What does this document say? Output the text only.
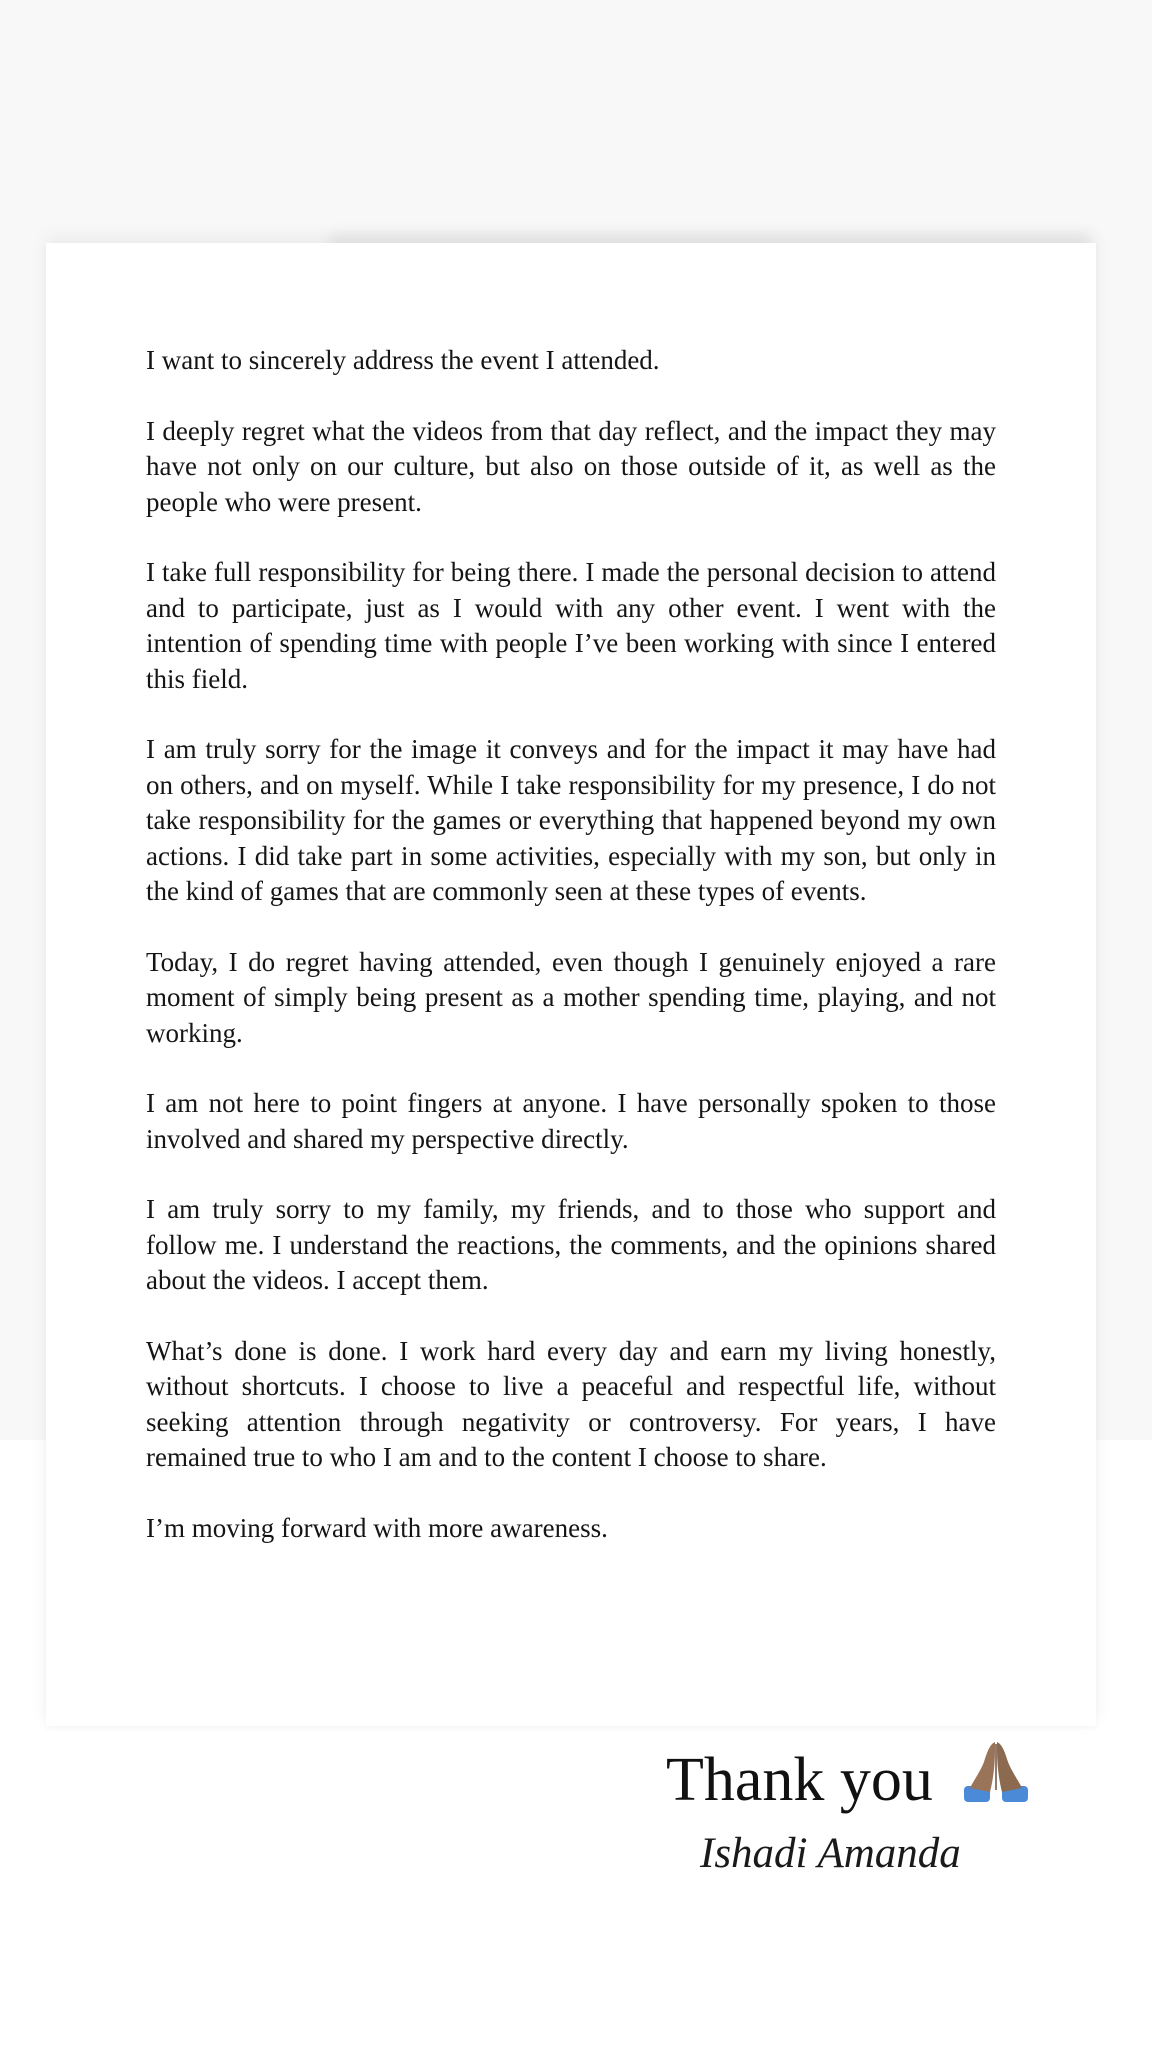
I want to sincerely address the event I attended.

I deeply regret what the videos from that day reflect, and the impact they may have not only on our culture, but also on those outside of it, as well as the people who were present.

I take full responsibility for being there. I made the personal decision to attend and to participate, just as I would with any other event. I went with the intention of spending time with people I’ve been working with since I entered this field.

I am truly sorry for the image it conveys and for the impact it may have had on others, and on myself. While I take responsibility for my presence, I do not take responsibility for the games or everything that happened beyond my own actions. I did take part in some activities, especially with my son, but only in the kind of games that are commonly seen at these types of events.

Today, I do regret having attended, even though I genuinely enjoyed a rare moment of simply being present as a mother spending time, playing, and not working.

I am not here to point fingers at anyone. I have personally spoken to those involved and shared my perspective directly.

I am truly sorry to my family, my friends, and to those who support and follow me. I understand the reactions, the comments, and the opinions shared about the videos. I accept them.

What’s done is done. I work hard every day and earn my living honestly, without shortcuts. I choose to live a peaceful and respectful life, without seeking attention through negativity or controversy. For years, I have remained true to who I am and to the content I choose to share.

I’m moving forward with more awareness.

Thank you
Ishadi Amanda
